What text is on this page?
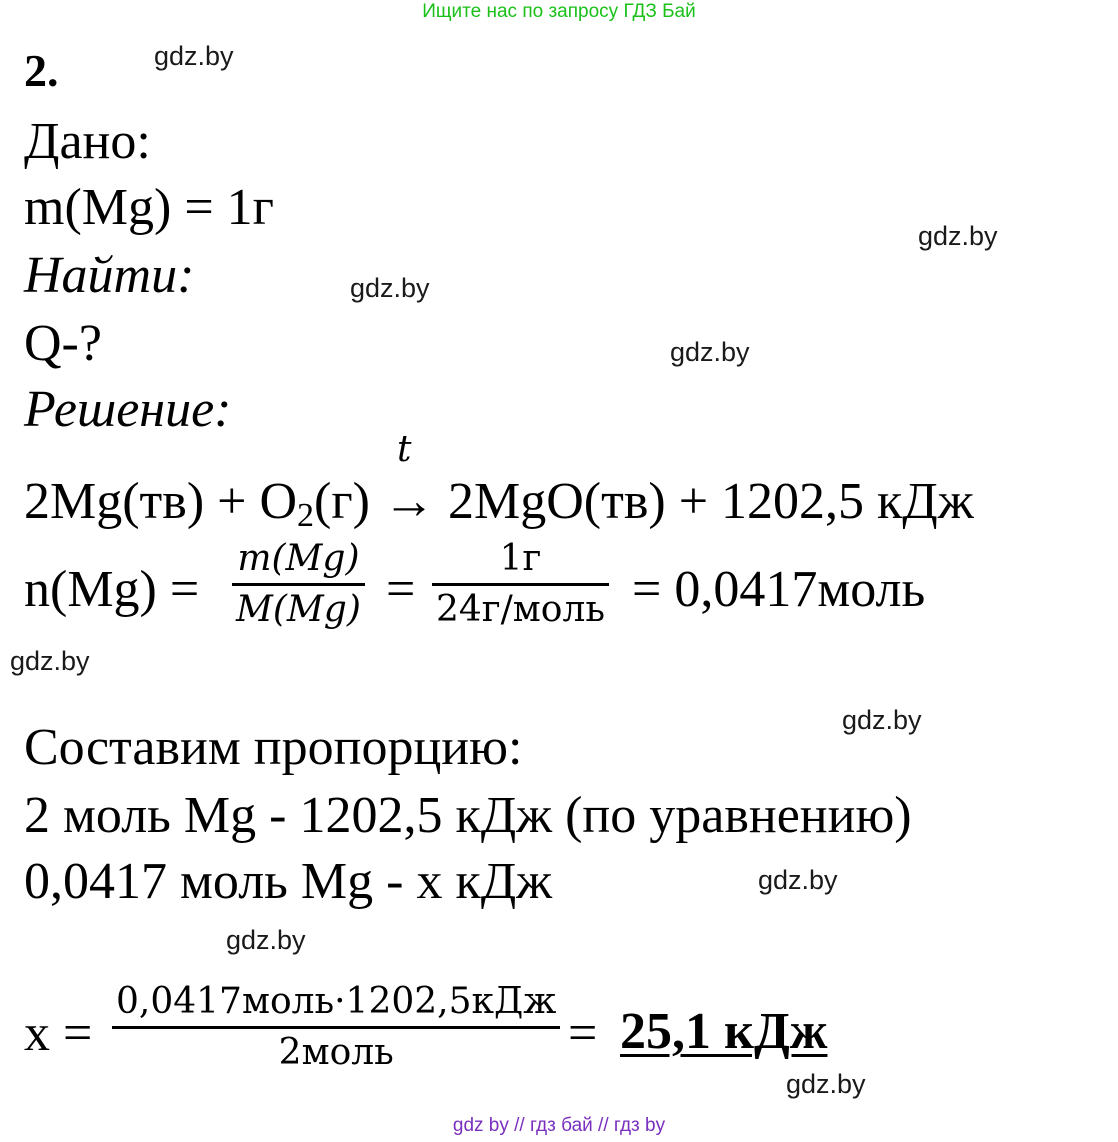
Ищите нас по запросу ГДЗ Бай
2.
Дано:
m(Mg) = 1г
Найти:
Q-?
Решение:
$2Mg(тв) + O_2(г)$
t
→ 2MgO(тв) + 1202,5 кДж
n(Mg) =
m(Mg)
M(Mg) =
1г
24г/моль = 0,0417моль
Составим пропорцию:
2 моль Mg - 1202,5 кДж (по уравнению)
0,0417 моль Mg - x кДж
x =
0,0417моль·1202,5кДж
2моль	= 25,1 кДж
gdz.by
gdz.by
gdz.by
gdz.by
gdz.by
gdz.by
gdz.by
gdz.by
gdz.by
gdz by // гдз бай // гдз by
